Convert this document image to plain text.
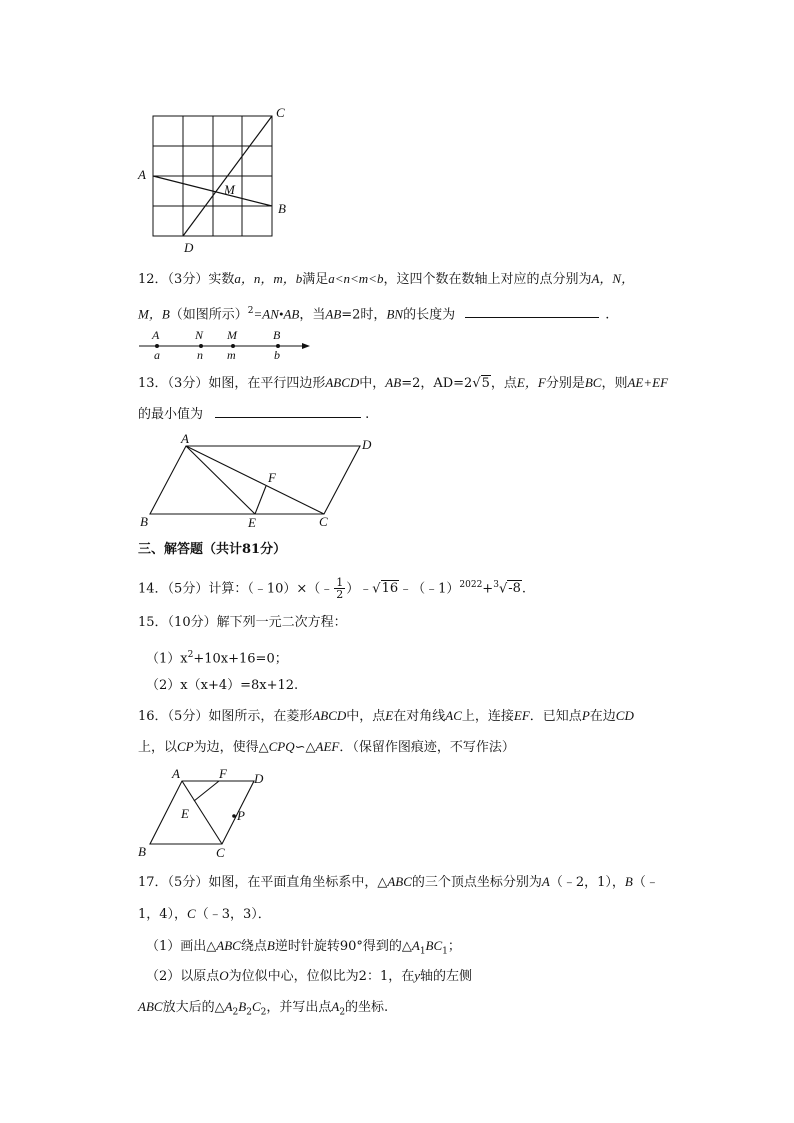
C
A
M
B
D
12．（3分）实数a，n，m，b满足a<n<m<b，这四个数在数轴上对应的点分别为A，N，
M，B（如图所示）$^2$=AN•AB，当AB=2时，BN的长度为	.
A	N M	B
a	n m	b
13．（3分）如图，在平行四边形ABCD中，AB=2，AD=2√5，点E，F分别是BC，则AE+EF
的最小值为	.
A	D
F
B	E	C
三、解答题（共计81分）
14．（5分）计算：（﹣10）×（﹣ $\frac{1}{2}$ ）﹣√16﹣（﹣1）$^{2022}$+$^3$√-8.
15．（10分）解下列一元二次方程：
$(1)x^2+10x+16=0$；
（2）x（x+4）=8x+12.
16．（5分）如图所示，在菱形ABCD中，点E在对角线AC上，连接EF．已知点P在边CD
上，以CP为边，使得△CPQ∽△AEF．（保留作图痕迹，不写作法）
A	F D
E	P
B	C
17．（5分）如图，在平面直角坐标系中，△ABC的三个顶点坐标分别为A（﹣2，1），B（﹣
1，4），C（﹣3，3）．
（1）画出△ABC绕点B逆时针旋转90°得到的$\triangle A_1BC_1$；
（2）以原点O为位似中心，位似比为2：1，在y轴的左侧
ABC放大后的$\triangle A_2B_2C_2$，并写出点$A_2$的坐标.
